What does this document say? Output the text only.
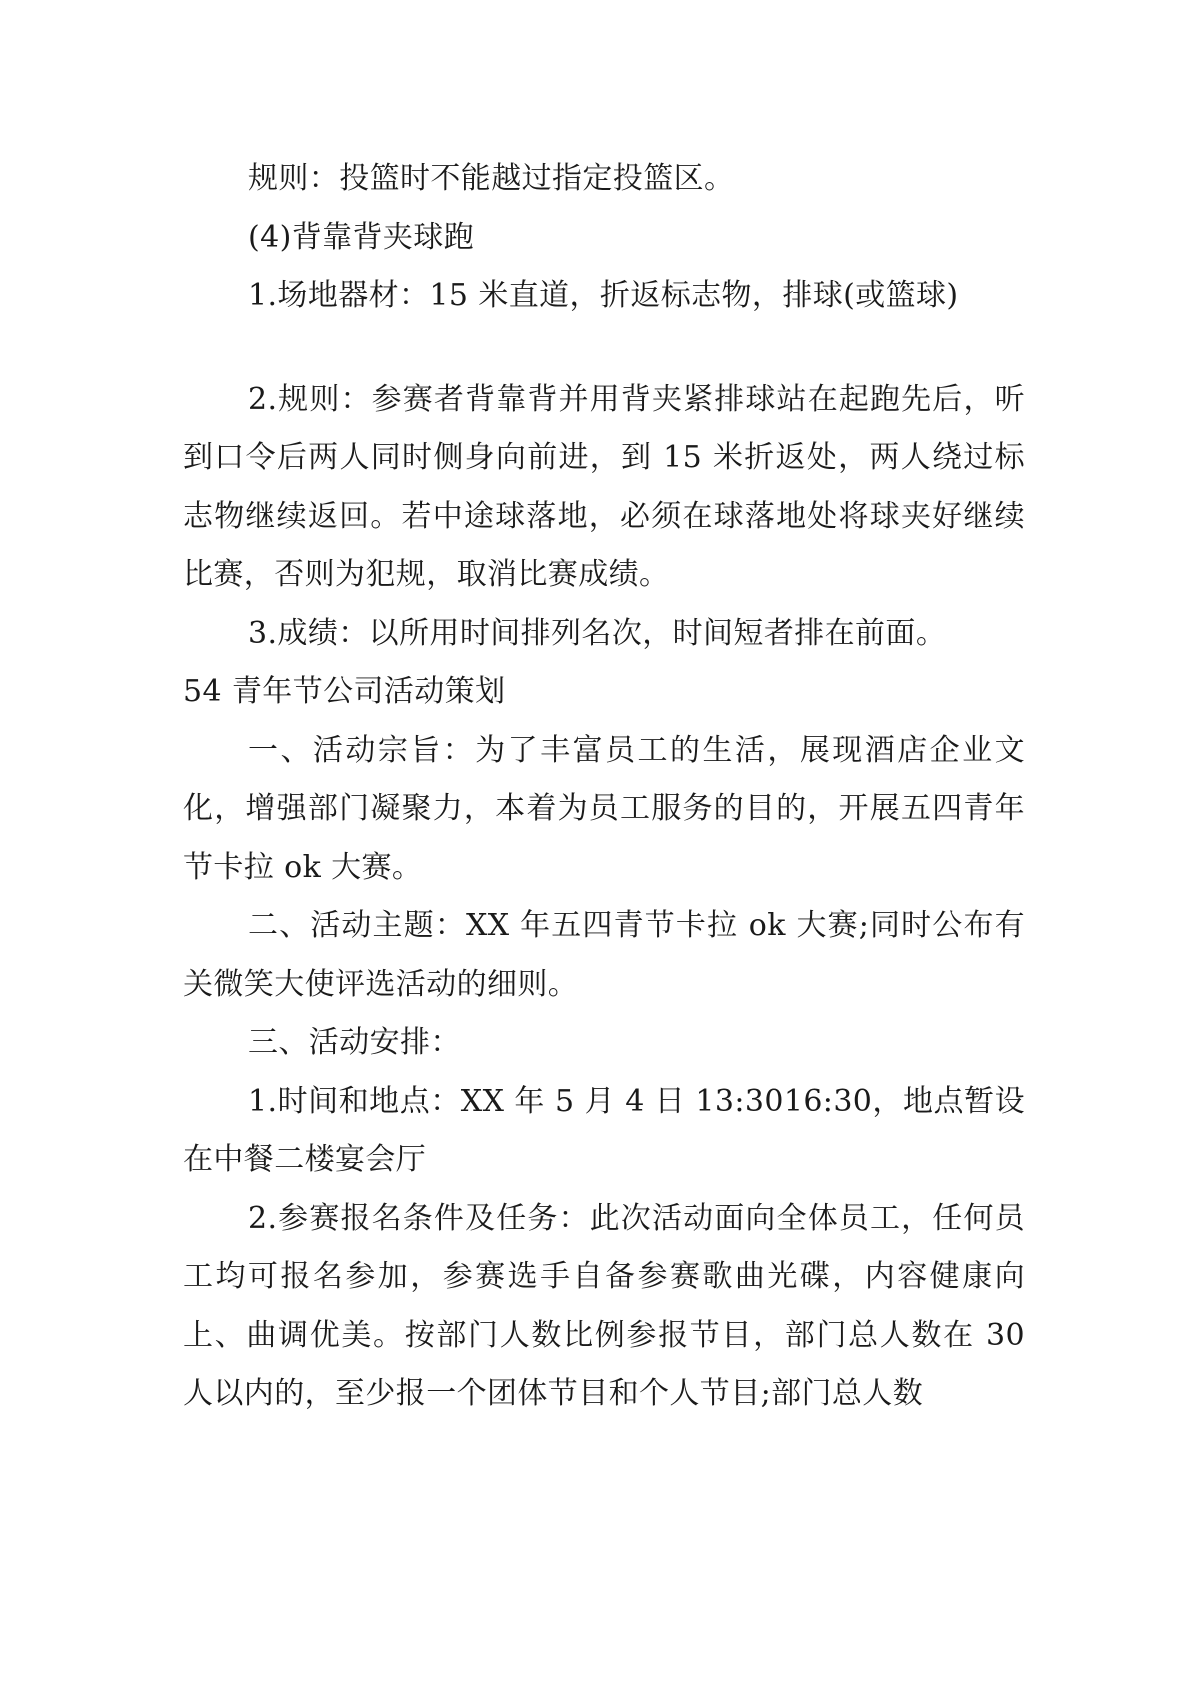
规则：投篮时不能越过指定投篮区。

(4)背靠背夹球跑

1.场地器材：15 米直道，折返标志物，排球(或篮球)

2.规则：参赛者背靠背并用背夹紧排球站在起跑先后，听到口令后两人同时侧身向前进，到 15 米折返处，两人绕过标志物继续返回。若中途球落地，必须在球落地处将球夹好继续比赛，否则为犯规，取消比赛成绩。

3.成绩：以所用时间排列名次，时间短者排在前面。

54 青年节公司活动策划

一、活动宗旨：为了丰富员工的生活，展现酒店企业文化，增强部门凝聚力，本着为员工服务的目的，开展五四青年节卡拉 ok 大赛。

二、活动主题：XX 年五四青节卡拉 ok 大赛;同时公布有关微笑大使评选活动的细则。

三、活动安排：

1.时间和地点：XX 年 5 月 4 日 13:3016:30，地点暂设在中餐二楼宴会厅

2.参赛报名条件及任务：此次活动面向全体员工，任何员工均可报名参加，参赛选手自备参赛歌曲光碟，内容健康向上、曲调优美。按部门人数比例参报节目，部门总人数在 30 人以内的，至少报一个团体节目和个人节目;部门总人数
